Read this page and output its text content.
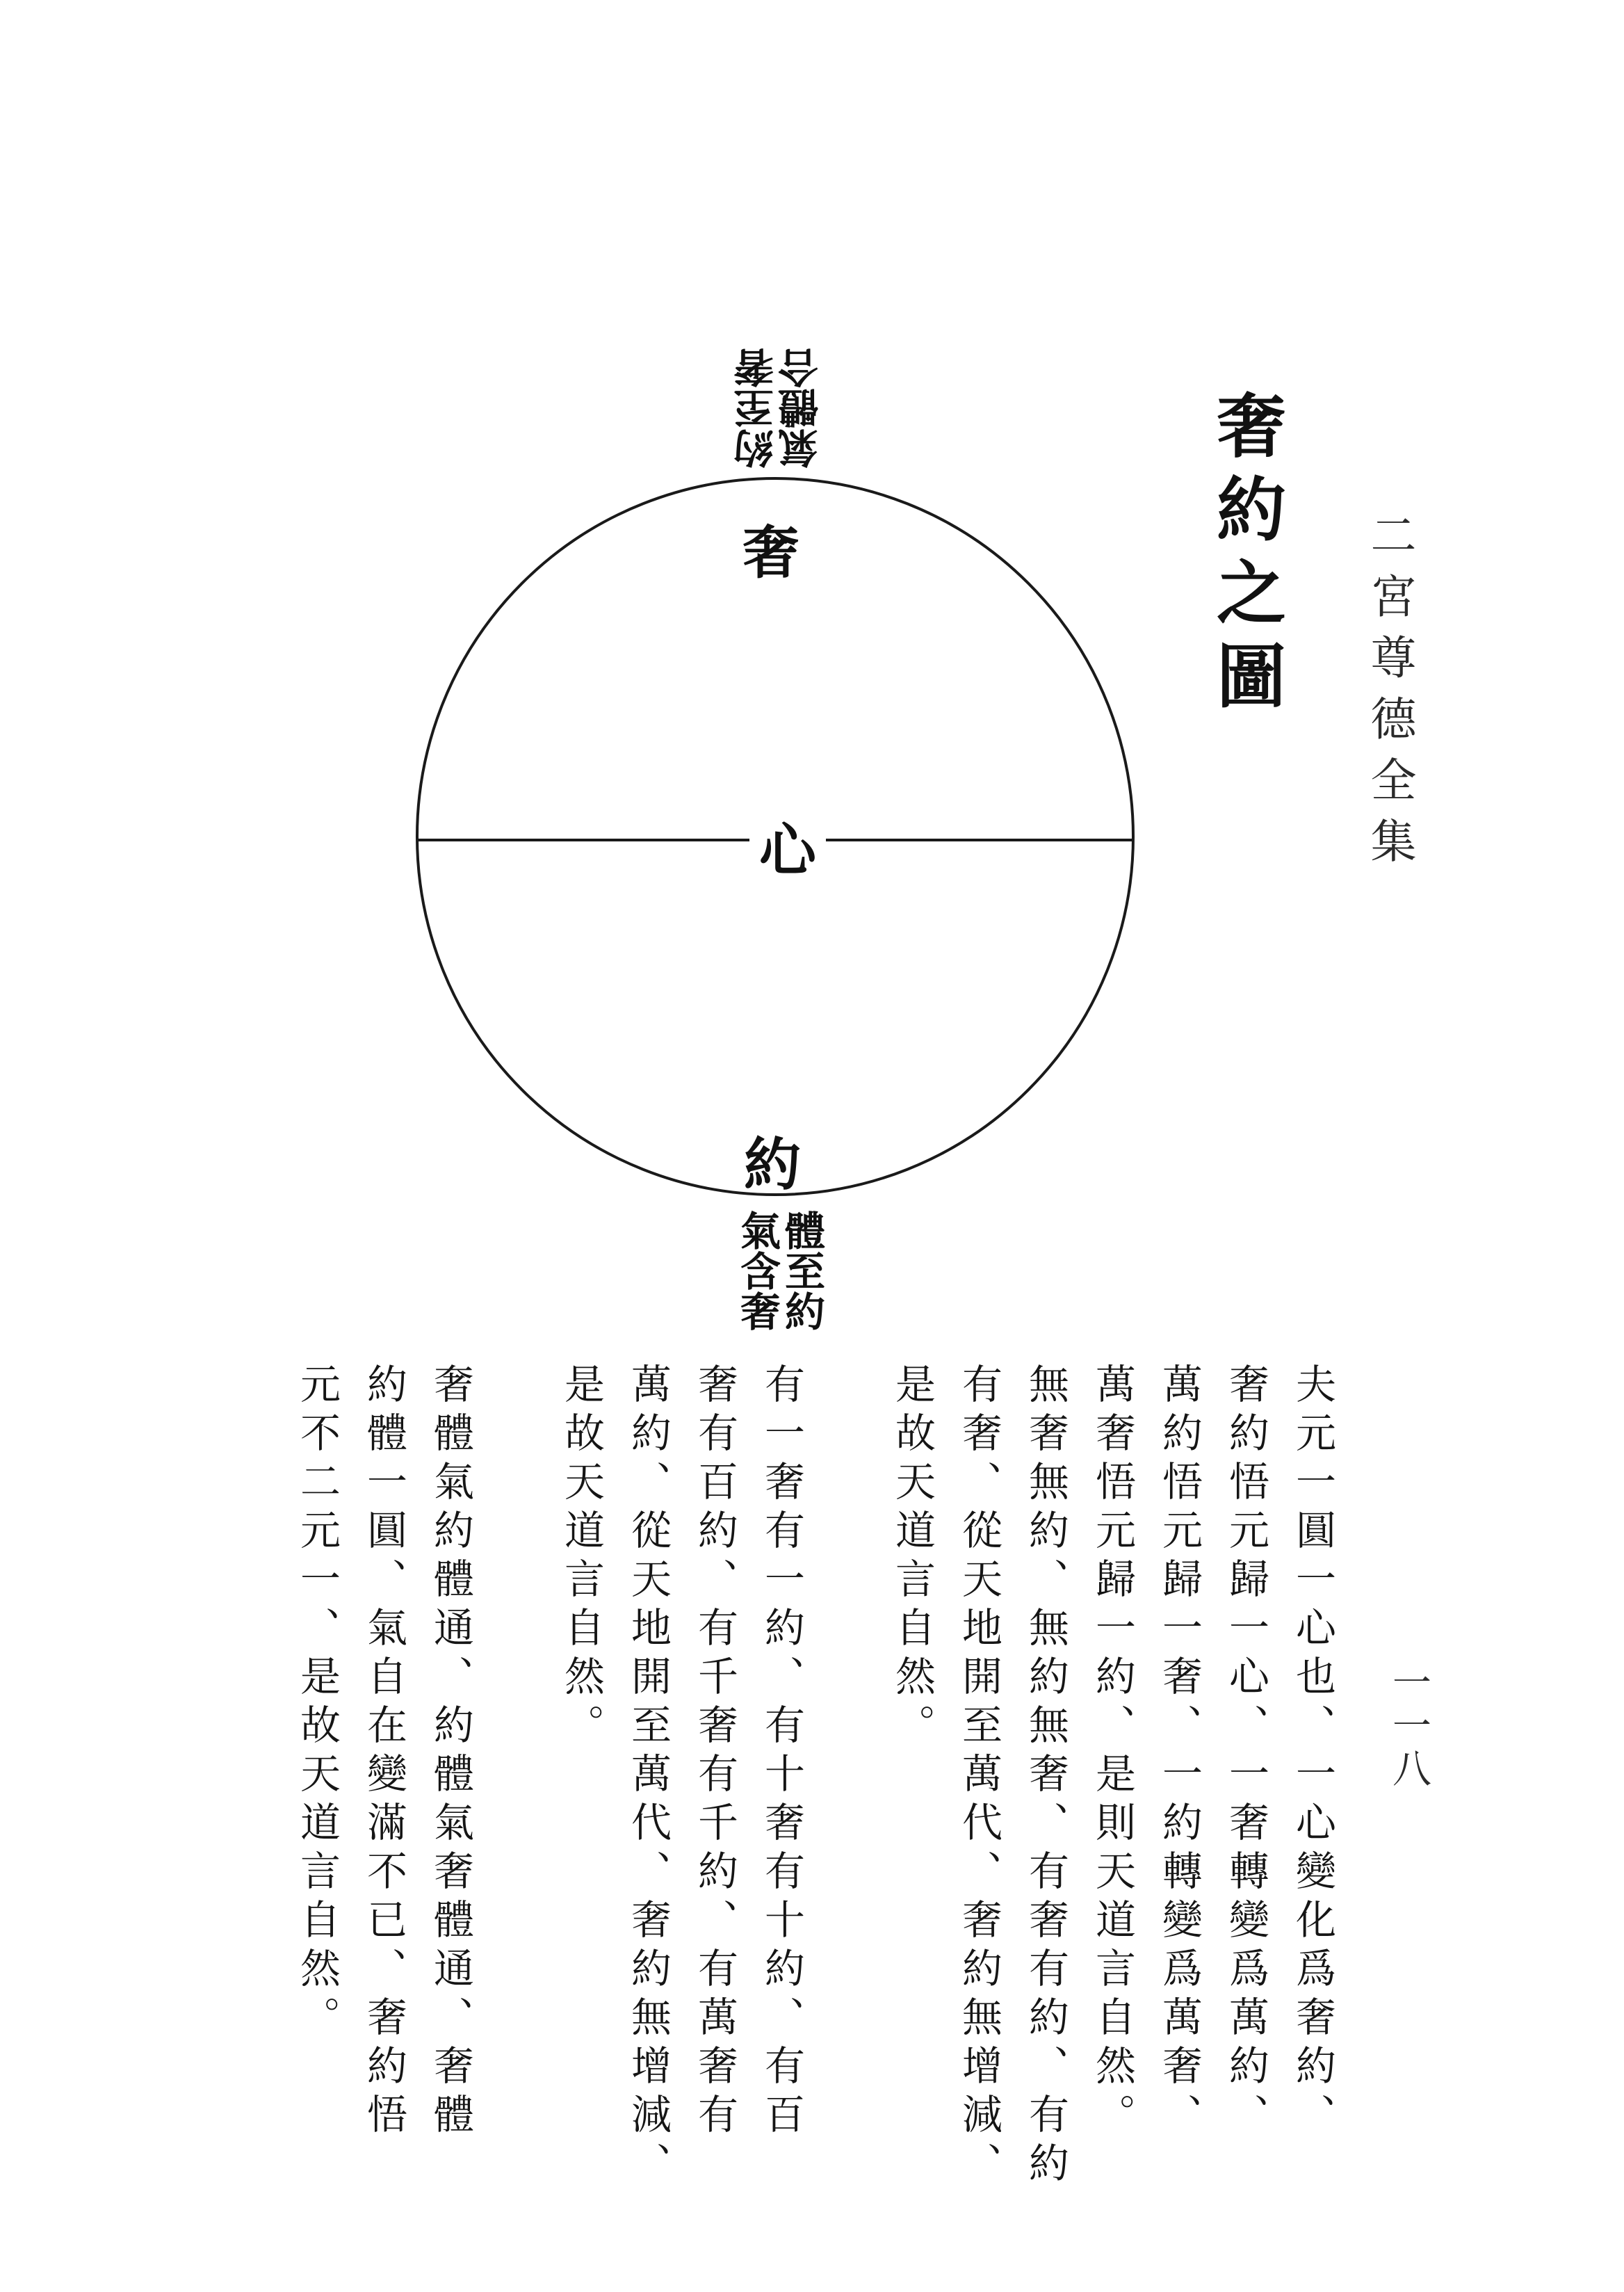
二宮尊德全集
一一八
奢約之圖
約至奢
氣體合
奢
心
約
體至約
氣含奢
夫元一圓一心也、一心變化爲奢約、
奢約悟元歸一心、一奢轉變爲萬約、
萬約悟元歸一奢、一約轉變爲萬奢、
萬奢悟元歸一約、是則天道言自然。
無奢無約、無約無奢、有奢有約、有約
有奢、從天地開至萬代、奢約無增減、
是故天道言自然。
有一奢有一約、有十奢有十約、有百
奢有百約、有千奢有千約、有萬奢有
萬約、從天地開至萬代、奢約無增減、
是故天道言自然。
奢體氣約體通、約體氣奢體通、奢體
約體一圓、氣自在變滿不已、奢約悟
元不二元一、是故天道言自然。
